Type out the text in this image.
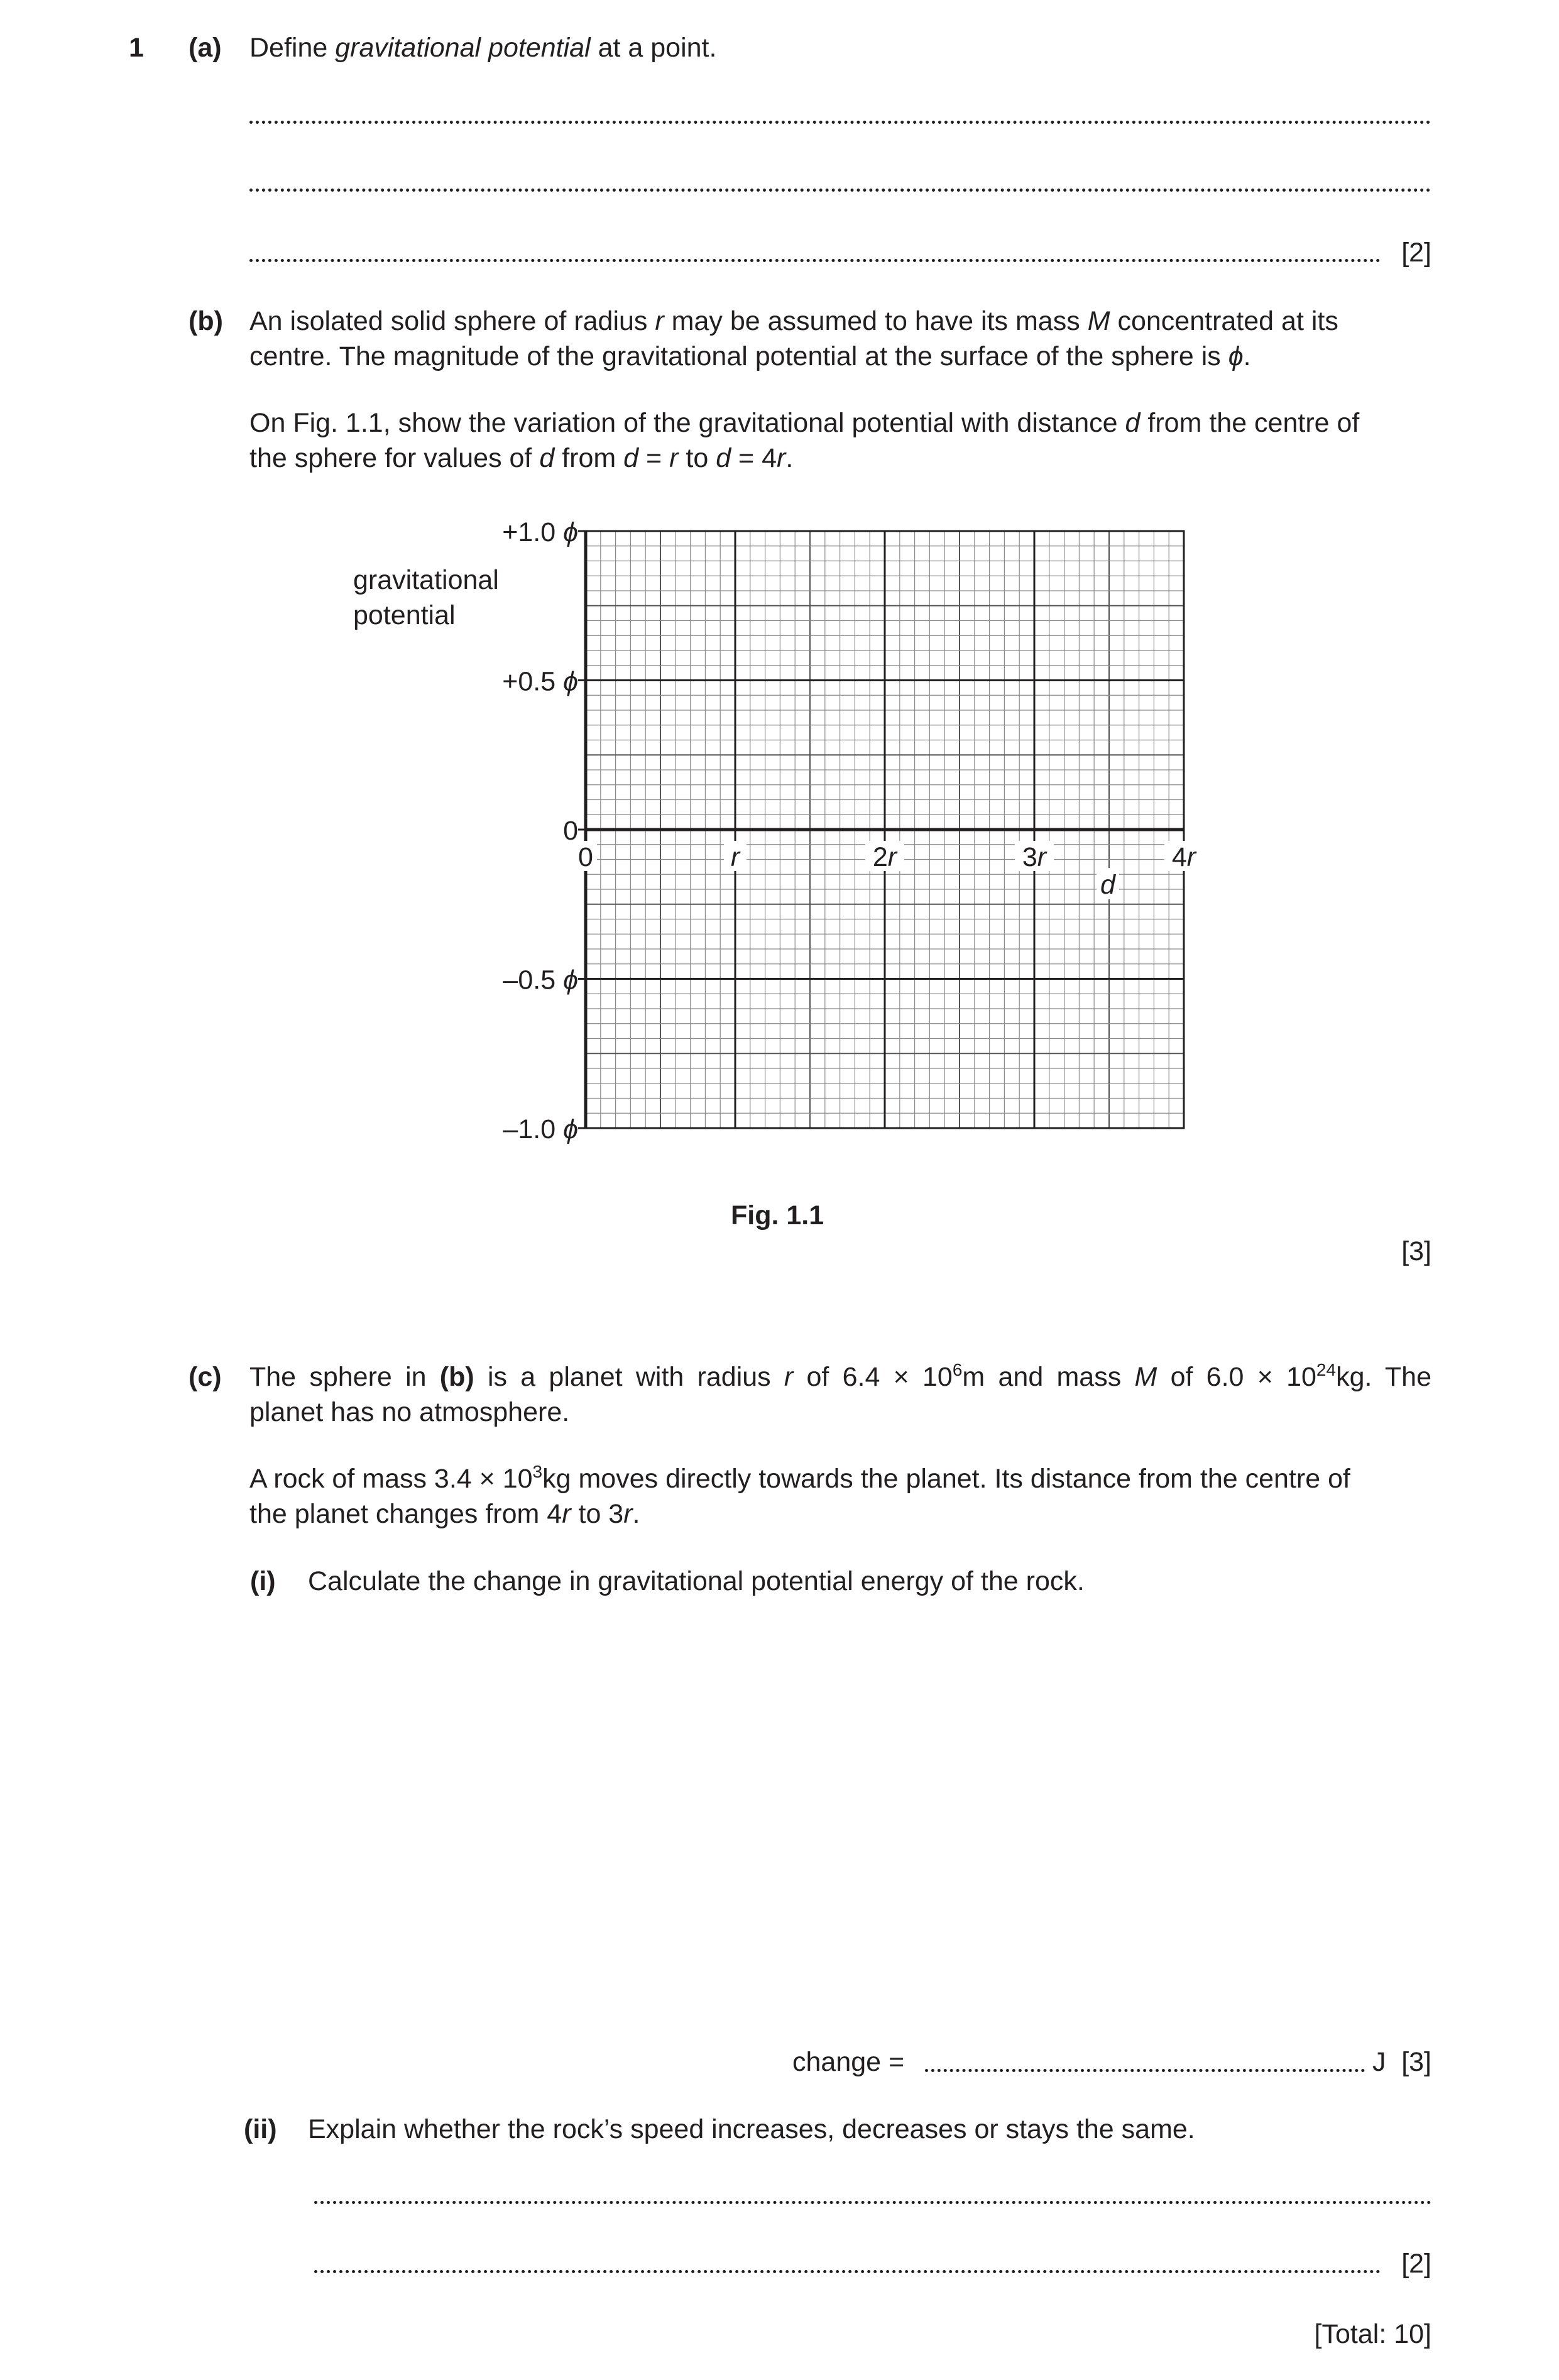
1 (a) Define gravitational potential at a point.
[2]
(b) An isolated solid sphere of radius r may be assumed to have its mass M concentrated at its
centre. The magnitude of the gravitational potential at the surface of the sphere is ϕ.
On Fig. 1.1, show the variation of the gravitational potential with distance d from the centre of
the sphere for values of d from d = r to d = 4r.
0	r	2r	3r	4r
+1.0 ϕ
+0.5 ϕ
0
–0.5 ϕ
–1.0 ϕ
d
gravitational
potential
Fig. 1.1
[3]
(c) The sphere in (b) is a planet with radius r of $6.4 \times 10^6m$ and mass M of $6.0 \times 10^{24}kg$. The
planet has no atmosphere.
A rock of mass $3.4 \times 10^3kg$ moves directly towards the planet. Its distance from the centre of
the planet changes from 4r to 3r.
(i) Calculate the change in gravitational potential energy of the rock.
change =	J [3]
(ii) Explain whether the rock’s speed increases, decreases or stays the same.
[2]
[Total: 10]
